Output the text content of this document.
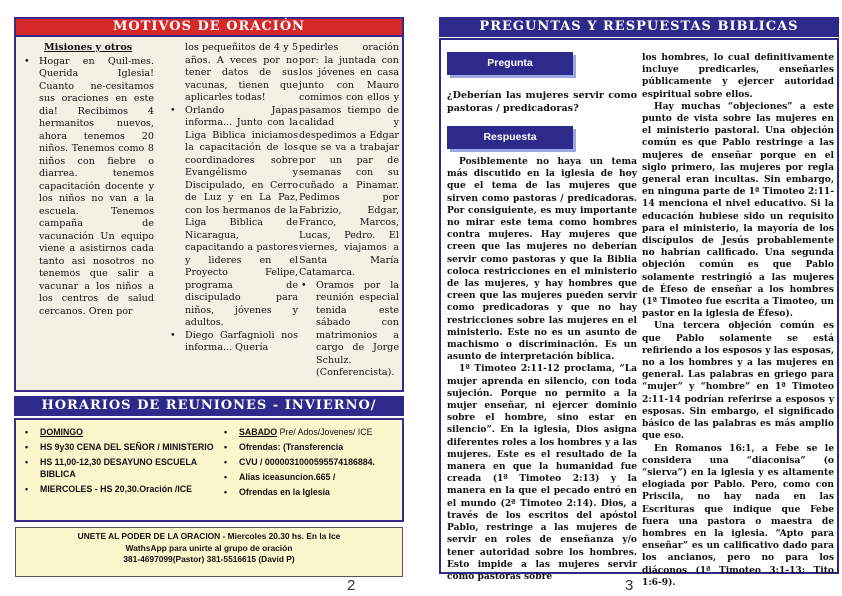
MOTIVOS DE ORACIÓN
Misiones y otros
• Hogar en Quil-mes. Querida Iglesia! Cuanto ne-cesitamos sus oraciones en este dia! Recibimos 4 hermanitos nuevos, ahora tenemos 20 niños. Tenemos como 8 niños con fiebre o diarrea. tenemos capacitación docente y los niños no van a la escuela. Tenemos campaña de vacunación Un equipo viene a asistirnos cada tanto asi nosotros no tenemos que salir a vacunar a los niños a los centros de salud cercanos. Oren por
los pequeñitos de 4 y 5 años. A veces por no tener datos de sus vacunas, tienen que aplicarles todas!
• Orlando Japas informa... Junto con la Liga Biblica iniciamos la capacitación de los coordinadores sobre Evangélismo y Discipulado, en Cerro de Luz y en La Paz, con los hermanos de la Liga Biblica de Nicaragua, capacitando a pastores y lideres en el Proyecto Felipe, programa de discipulado para niños, jóvenes y adultos.
• Diego Garfagnioli nos informa... Quería
pedirles oración por: la juntada con los jóvenes en casa junto con Mauro comimos con ellos y pasamos tiempo de calidad y despedimos a Edgar que se va a trabajar por un par de semanas con su cuñado a Pinamar. Pedimos por Fabrizio, Edgar, Franco, Marcos, Lucas, Pedro. El viernes, viajamos a Santa María Catamarca.
• Oramos por la reunión especial tenida este sábado con matrimonios a cargo de Jorge Schulz. (Conferencista).
HORARIOS DE REUNIONES - INVIERNO/
• DOMINGO
• HS 9y30 CENA DEL SEÑOR / MINISTERIO
• HS 11,00-12,30 DESAYUNO ESCUELA BIBLICA
• MIERCOLES - HS 20,30.Oración /ICE
• SABADO Pre/ Ados/Jovenes/ ICE
• Ofrendas: (Transferencia
• CVU / 0000031000595574186884.
• Alias iceasuncion.665 /
• Ofrendas en la Iglesia
UNETE AL PODER DE LA ORACION - Miercoles 20.30 hs. En la Ice
WathsApp para unirte al grupo de oración
381-4697099(Pastor) 381-5516615 (David P)
2
PREGUNTAS Y RESPUESTAS BIBLICAS
Pregunta
¿Deberían las mujeres servir como pastoras / predicadoras?
Respuesta

Posiblemente no haya un tema más discutido en la iglesia de hoy que el tema de las mujeres que sirven como pastoras / predicadoras. Por consiguiente, es muy importante no mirar este tema como hombres contra mujeres. Hay mujeres que creen que las mujeres no deberían servir como pastoras y que la Biblia coloca restricciones en el ministerio de las mujeres, y hay hombres que creen que las mujeres pueden servir como predicadoras y que no hay restricciones sobre las mujeres en el ministerio. Este no es un asunto de machismo o discriminación. Es un asunto de interpretación bíblica.

1ª Timoteo 2:11-12 proclama, “La mujer aprenda en silencio, con toda sujeción. Porque no permito a la mujer enseñar, ni ejercer dominio sobre el hombre, sino estar en silencio”. En la iglesia, Dios asigna diferentes roles a los hombres y a las mujeres. Este es el resultado de la manera en que la humanidad fue creada (1ª Timoteo 2:13) y la manera en la que el pecado entró en el mundo (2ª Timoteo 2:14). Dios, a través de los escritos del apóstol Pablo, restringe a las mujeres de servir en roles de enseñanza y/o tener autoridad sobre los hombres. Esto impide a las mujeres servir como pastoras sobre

los hombres, lo cual definitivamente incluye predicarles, enseñarles públicamente y ejercer autoridad espiritual sobre ellos.

Hay muchas “objeciones” a este punto de vista sobre las mujeres en el ministerio pastoral. Una objeción común es que Pablo restringe a las mujeres de enseñar porque en el siglo primero, las mujeres por regla general eran incultas. Sin embargo, en ninguna parte de 1ª Timoteo 2:11-14 menciona el nivel educativo. Si la educación hubiese sido un requisito para el ministerio, la mayoría de los discípulos de Jesús probablemente no habrían calificado. Una segunda objeción común es que Pablo solamente restringió a las mujeres de Éfeso de enseñar a los hombres (1ª Timoteo fue escrita a Timoteo, un pastor en la iglesia de Éfeso).

Una tercera objeción común es que Pablo solamente se está refiriendo a los esposos y las esposas, no a los hombres y a las mujeres en general. Las palabras en griego para “mujer” y “hombre” en 1ª Timoteo 2:11-14 podrían referirse a esposos y esposas. Sin embargo, el significado básico de las palabras es más amplio que eso.

En Romanos 16:1, a Febe se le considera una “diaconisa” (o “sierva”) en la iglesia y es altamente elogiada por Pablo. Pero, como con Priscila, no hay nada en las Escrituras que indique que Febe fuera una pastora o maestra de hombres en la iglesia. “Apto para enseñar” es un calificativo dado para los ancianos, pero no para los diáconos (1ª Timoteo 3:1-13; Tito 1:6-9).

3
